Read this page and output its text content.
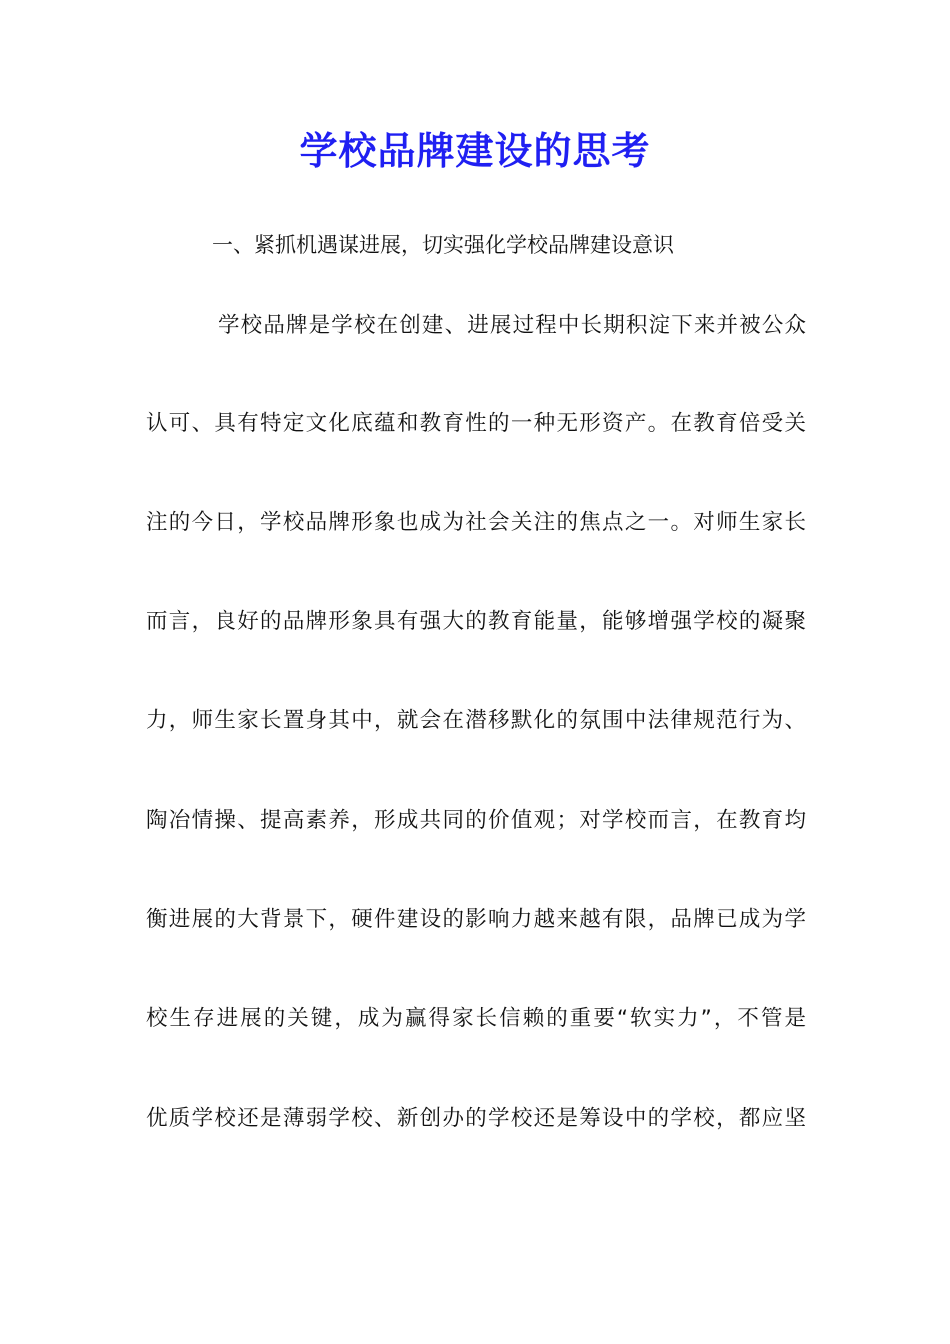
学校品牌建设的思考
一、紧抓机遇谋进展，切实强化学校品牌建设意识
学校品牌是学校在创建、进展过程中长期积淀下来并被公众
认可、具有特定文化底蕴和教育性的一种无形资产。在教育倍受关
注的今日，学校品牌形象也成为社会关注的焦点之一。对师生家长
而言，良好的品牌形象具有强大的教育能量，能够增强学校的凝聚
力，师生家长置身其中，就会在潜移默化的氛围中法律规范行为、
陶冶情操、提高素养，形成共同的价值观；对学校而言，在教育均
衡进展的大背景下，硬件建设的影响力越来越有限，品牌已成为学
校生存进展的关键，成为赢得家长信赖的重要“软实力”，不管是
优质学校还是薄弱学校、新创办的学校还是筹设中的学校，都应坚
